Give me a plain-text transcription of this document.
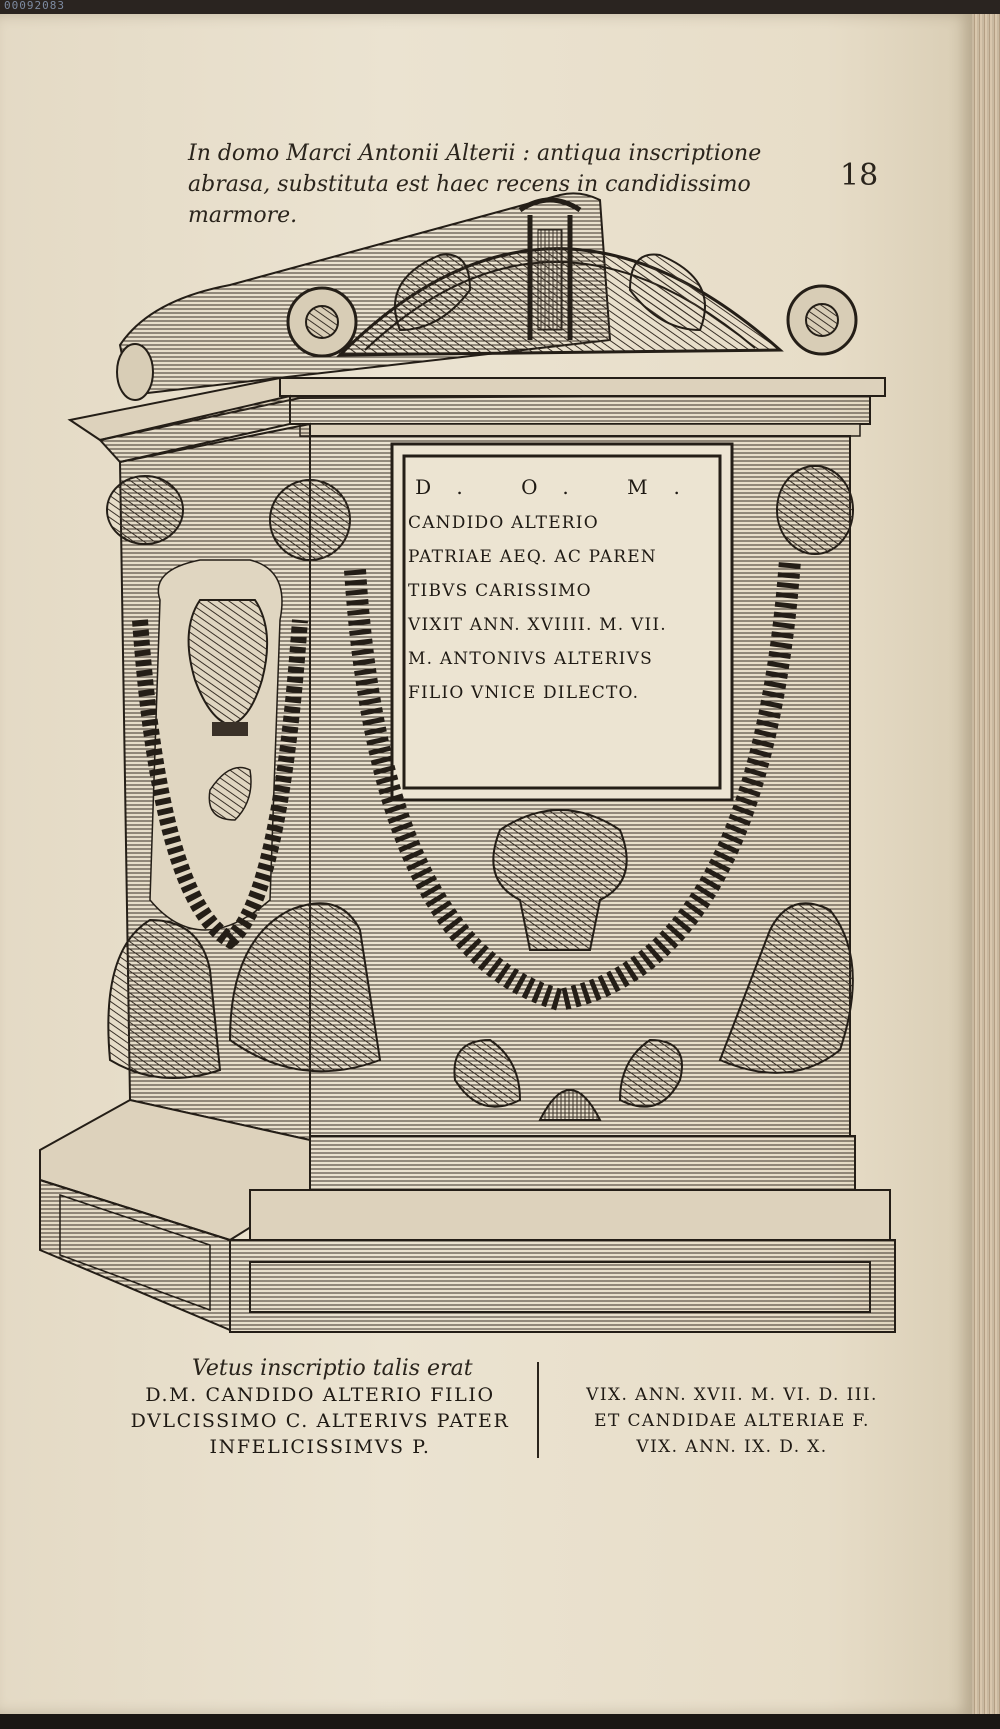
00092083
In domo Marci Antonii Alterii : antiqua inscriptione abrasa, substituta est haec recens in candidissimo marmore.
18
D. O. M.
CANDIDO ALTERIO
PATRIAE AEQ. AC PAREN
TIBVS CARISSIMO
VIXIT ANN. XVIIII. M. VII.
M. ANTONIVS ALTERIVS
FILIO VNICE DILECTO.
Vetus inscriptio talis erat
D.M. CANDIDO ALTERIO FILIO
DVLCISSIMO C. ALTERIVS PATER
INFELICISSIMVS P.
VIX. ANN. XVII. M. VI. D. III.
ET CANDIDAE ALTERIAE F.
VIX. ANN. IX. D. X.
